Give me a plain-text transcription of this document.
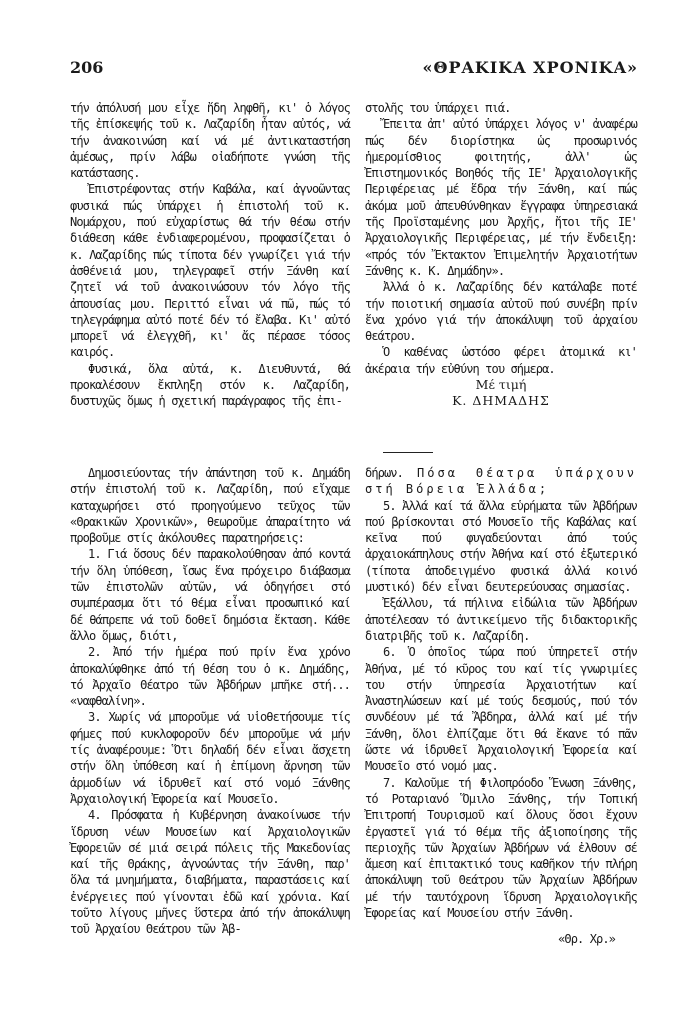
206	«ΘΡΑΚΙΚΑ ΧΡΟΝΙΚΑ»

τήν ἀπόλυσή μου εἶχε ἤδη ληφθῆ, κι' ὁ λόγος τῆς ἐπίσκεψής τοῦ κ. Λαζαρίδη ἦταν αὐτός, νά τήν ἀνακοινώση καί νά μέ ἀντικαταστήση ἀμέσως, πρίν λάβω οἰαδήποτε γνώση τῆς κατάστασης.

Ἐπιστρέφοντας στήν Καβάλα, καί ἀγνοῶντας φυσικά πώς ὑπάρχει ἡ ἐπιστολή τοῦ κ. Νομάρχου, πού εὐχαρίστως θά τήν θέσω στήν διάθεση κάθε ἐνδιαφερομένου, προφασίζεται ὁ κ. Λαζαρίδης πώς τίποτα δέν γνωρίζει γιά τήν ἀσθένειά μου, τηλεγραφεῖ στήν Ξάνθη καί ζητεῖ νά τοῦ ἀνακοινώσουν τόν λόγο τῆς ἀπουσίας μου. Περιττό εἶναι νά πῶ, πώς τό τηλεγράφημα αὐτό ποτέ δέν τό ἔλαβα. Κι' αὐτό μπορεῖ νά ἐλεγχθῆ, κι' ἄς πέρασε τόσος καιρός.

Φυσικά, ὅλα αὐτά, κ. Διευθυντά, θά προκαλέσουν ἔκπληξη στόν κ. Λαζαρίδη, δυστυχῶς ὅμως ἡ σχετική παράγραφος τῆς ἐπι-

στολῆς του ὑπάρχει πιά.

Ἔπειτα ἀπ' αὐτό ὑπάρχει λόγος ν' ἀναφέρω πώς δέν διορίστηκα ὡς προσωρινός ἡμερομίσθιος φοιτητής, ἀλλ' ὡς Ἐπιστημονικός Βοηθός τῆς ΙΕ' Ἀρχαιολογικῆς Περιφέρειας μέ ἕδρα τήν Ξάνθη, καί πώς ἀκόμα μοῦ ἀπευθύνθηκαν ἔγγραφα ὑπηρεσιακά τῆς Προϊσταμένης μου Ἀρχῆς, ἤτοι τῆς ΙΕ' Ἀρχαιολογικῆς Περιφέρειας, μέ τήν ἔνδειξη: «πρός τόν Ἔκτακτον Ἐπιμελητήν Ἀρχαιοτήτων Ξάνθης κ. Κ. Δημάδην».

Ἀλλά ὁ κ. Λαζαρίδης δέν κατάλαβε ποτέ τήν ποιοτική σημασία αὐτοῦ πού συνέβη πρίν ἕνα χρόνο γιά τήν ἀποκάλυψη τοῦ ἀρχαίου θεάτρου.

Ὁ καθένας ὡστόσο φέρει ἀτομικά κι' ἀκέραια τήν εὐθύνη του σήμερα.

Μέ τιμή
Κ. ΔΗΜΑΔΗΣ

Δημοσιεύοντας τήν ἀπάντηση τοῦ κ. Δημάδη στήν ἐπιστολή τοῦ κ. Λαζαρίδη, πού εἴχαμε καταχωρήσει στό προηγούμενο τεῦχος τῶν «Θρακικῶν Χρονικῶν», θεωροῦμε ἀπαραίτητο νά προβοῦμε στίς ἀκόλουθες παρατηρήσεις:

1. Γιά ὅσους δέν παρακολούθησαν ἀπό κοντά τήν ὅλη ὑπόθεση, ἴσως ἕνα πρόχειρο διάβασμα τῶν ἐπιστολῶν αὐτῶν, νά ὁδηγήσει στό συμπέρασμα ὅτι τό θέμα εἶναι προσωπικό καί δέ θάπρεπε νά τοῦ δοθεῖ δημόσια ἔκταση. Κάθε ἄλλο ὅμως, διότι,

2. Ἀπό τήν ἡμέρα πού πρίν ἕνα χρόνο ἀποκαλύφθηκε ἀπό τή θέση του ὁ κ. Δημάδης, τό Ἀρχαῖο Θέατρο τῶν Ἀβδήρων μπῆκε στή... «ναφθαλίνη».

3. Χωρίς νά μποροῦμε νά υἱοθετήσουμε τίς φήμες πού κυκλοφοροῦν δέν μποροῦμε νά μήν τίς ἀναφέρουμε: Ὅτι δηλαδή δέν εἶναι ἄσχετη στήν ὅλη ὑπόθεση καί ἡ ἐπίμονη ἄρνηση τῶν ἁρμοδίων νά ἱδρυθεῖ καί στό νομό Ξάνθης Ἀρχαιολογική Ἐφορεία καί Μουσεῖο.

4. Πρόσφατα ἡ Κυβέρνηση ἀνακοίνωσε τήν ἵδρυση νέων Μουσείων καί Ἀρχαιολογικῶν Ἐφορειῶν σέ μιά σειρά πόλεις τῆς Μακεδονίας καί τῆς Θράκης, ἀγνοώντας τήν Ξάνθη, παρ' ὅλα τά μνημήματα, διαβήματα, παραστάσεις καί ἐνέργειες πού γίνονται ἐδῶ καί χρόνια. Καί τοῦτο λίγους μῆνες ὕστερα ἀπό τήν ἀποκάλυψη τοῦ Ἀρχαίου Θεάτρου τῶν Ἀβ-

δήρων. Πόσα Θέατρα ὑπάρχουν στή Βόρεια Ἑλλάδα;

5. Ἀλλά καί τά ἄλλα εὑρήματα τῶν Ἀβδήρων πού βρίσκονται στό Μουσεῖο τῆς Καβάλας καί κεῖνα πού φυγαδεύονται ἀπό τούς ἀρχαιοκάπηλους στήν Ἀθήνα καί στό ἐξωτερικό (τίποτα ἀποδειγμένο φυσικά ἀλλά κοινό μυστικό) δέν εἶναι δευτερεύουσας σημασίας.

Ἐξάλλου, τά πήλινα εἰδώλια τῶν Ἀβδήρων ἀποτέλεσαν τό ἀντικείμενο τῆς διδακτορικῆς διατριβῆς τοῦ κ. Λαζαρίδη.

6. Ὁ ὁποῖος τώρα πού ὑπηρετεῖ στήν Ἀθήνα, μέ τό κῦρος του καί τίς γνωριμίες του στήν ὑπηρεσία Ἀρχαιοτήτων καί Ἀναστηλώσεων καί μέ τούς δεσμούς, πού τόν συνδέουν μέ τά Ἄβδηρα, ἀλλά καί μέ τήν Ξάνθη, ὅλοι ἐλπίζαμε ὅτι θά ἔκανε τό πᾶν ὥστε νά ἱδρυθεῖ Ἀρχαιολογική Ἐφορεία καί Μουσεῖο στό νομό μας.

7. Καλοῦμε τή Φιλοπρόοδο Ἕνωση Ξάνθης, τό Ροταριανό Ὅμιλο Ξάνθης, τήν Τοπική Ἐπιτροπή Τουρισμοῦ καί ὅλους ὅσοι ἔχουν ἐργαστεῖ γιά τό θέμα τῆς ἀξιοποίησης τῆς περιοχῆς τῶν Ἀρχαίων Ἀβδήρων νά ἐλθουν σέ ἄμεση καί ἐπιτακτικό τους καθῆκον τήν πλήρη ἀποκάλυψη τοῦ Θεάτρου τῶν Ἀρχαίων Ἀβδήρων μέ τήν ταυτόχρονη ἵδρυση Ἀρχαιολογικῆς Ἐφορείας καί Μουσείου στήν Ξάνθη.

«Θρ. Χρ.»
